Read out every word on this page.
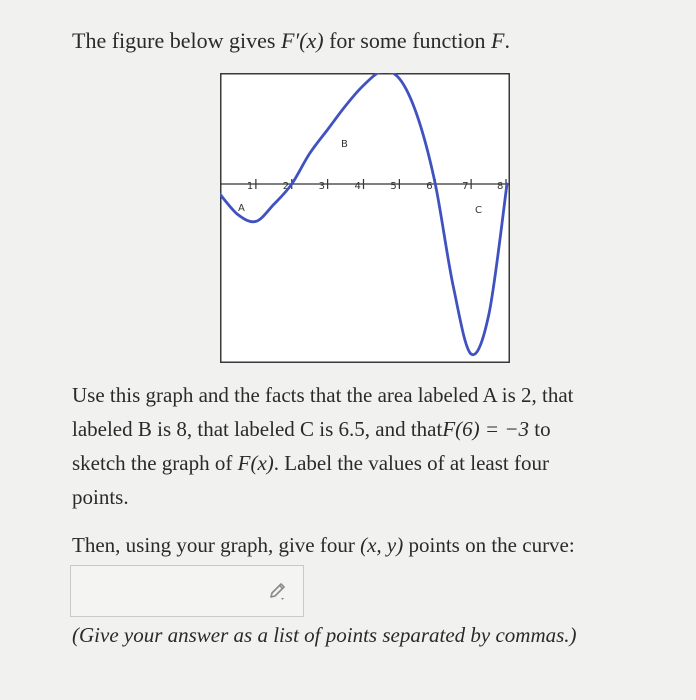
The figure below gives F′(x) for some function F.
1	2	3	4	5	6	7	8
A
B
C

Use this graph and the facts that the area labeled A is 2, that

labeled B is 8, that labeled C is 6.5, and thatF(6) = −3 to

sketch the graph of F(x). Label the values of at least four

points.

Then, using your graph, give four (x, y) points on the curve:
(Give your answer as a list of points separated by commas.)
